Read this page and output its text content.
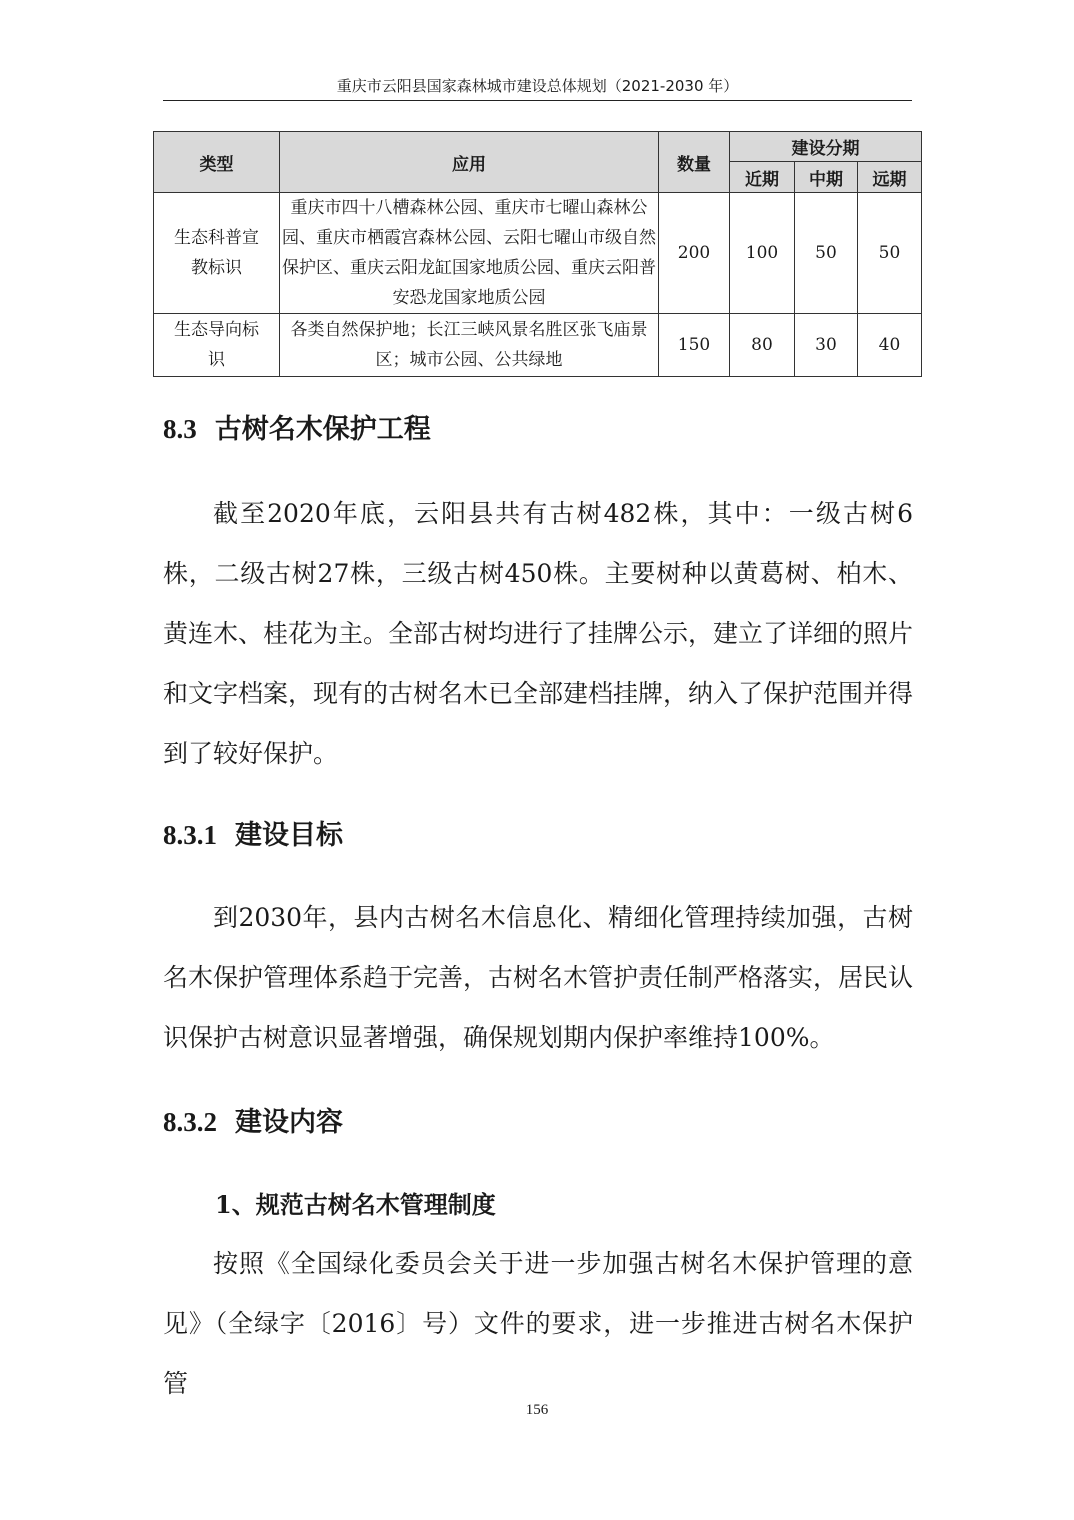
重庆市云阳县国家森林城市建设总体规划（2021-2030 年）
类型	应用	数量	建设分期		
			近期	中期	远期

生态科普宣
教标识	重庆市四十八槽森林公园、重庆市七曜山森林公园、重庆市栖霞宫森林公园、云阳七曜山市级自然保护区、重庆云阳龙缸国家地质公园、重庆云阳普安恐龙国家地质公园	200	100	50	50

生态导向标
识	各类自然保护地；长江三峡风景名胜区张飞庙景区；城市公园、公共绿地	150	80	30	40
8.3 古树名木保护工程

截至2020年底，云阳县共有古树482株，其中：一级古树6株，二级古树27株，三级古树450株。主要树种以黄葛树、柏木、黄连木、桂花为主。全部古树均进行了挂牌公示，建立了详细的照片和文字档案，现有的古树名木已全部建档挂牌，纳入了保护范围并得到了较好保护。

8.3.1 建设目标

到2030年，县内古树名木信息化、精细化管理持续加强，古树名木保护管理体系趋于完善，古树名木管护责任制严格落实，居民认识保护古树意识显著增强，确保规划期内保护率维持100%。

8.3.2 建设内容
1、规范古树名木管理制度

按照《全国绿化委员会关于进一步加强古树名木保护管理的意见》（全绿字〔2016〕号）文件的要求，进一步推进古树名木保护管

156
